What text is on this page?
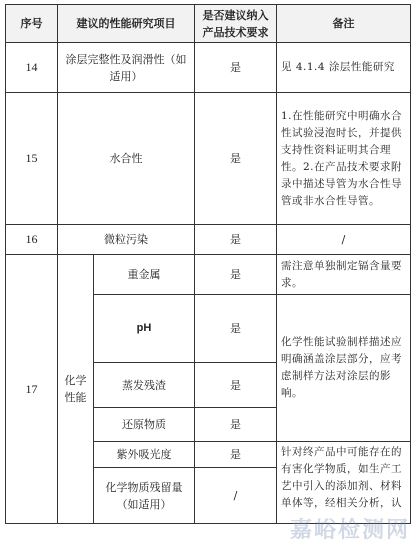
序号	建议的性能研究项目		是否建议纳入产品技术要求	备注
14	涂层完整性及润滑性（如适用）		是	见 4.1.4 涂层性能研究
15	水合性		是	1.在性能研究中明确水合性试验浸泡时长，并提供支持性资料证明其合理性。2.在产品技术要求附录中描述导管为水合性导管或非水合性导管。
16	微粒污染		是	/
17	化学性能	重金属	是	需注意单独制定镉含量要求。
		pH	是	化学性能试验制样描述应明确涵盖涂层部分，应考虑制样方法对涂层的影响。
		蒸发残渣	是	
		还原物质	是	
		紫外吸光度	是	针对终产品中可能存在的有害化学物质，如生产工艺中引入的添加剂、材料单体等，经相关分析，认
		化学物质残留量（如适用）	/	
嘉峪检测网
